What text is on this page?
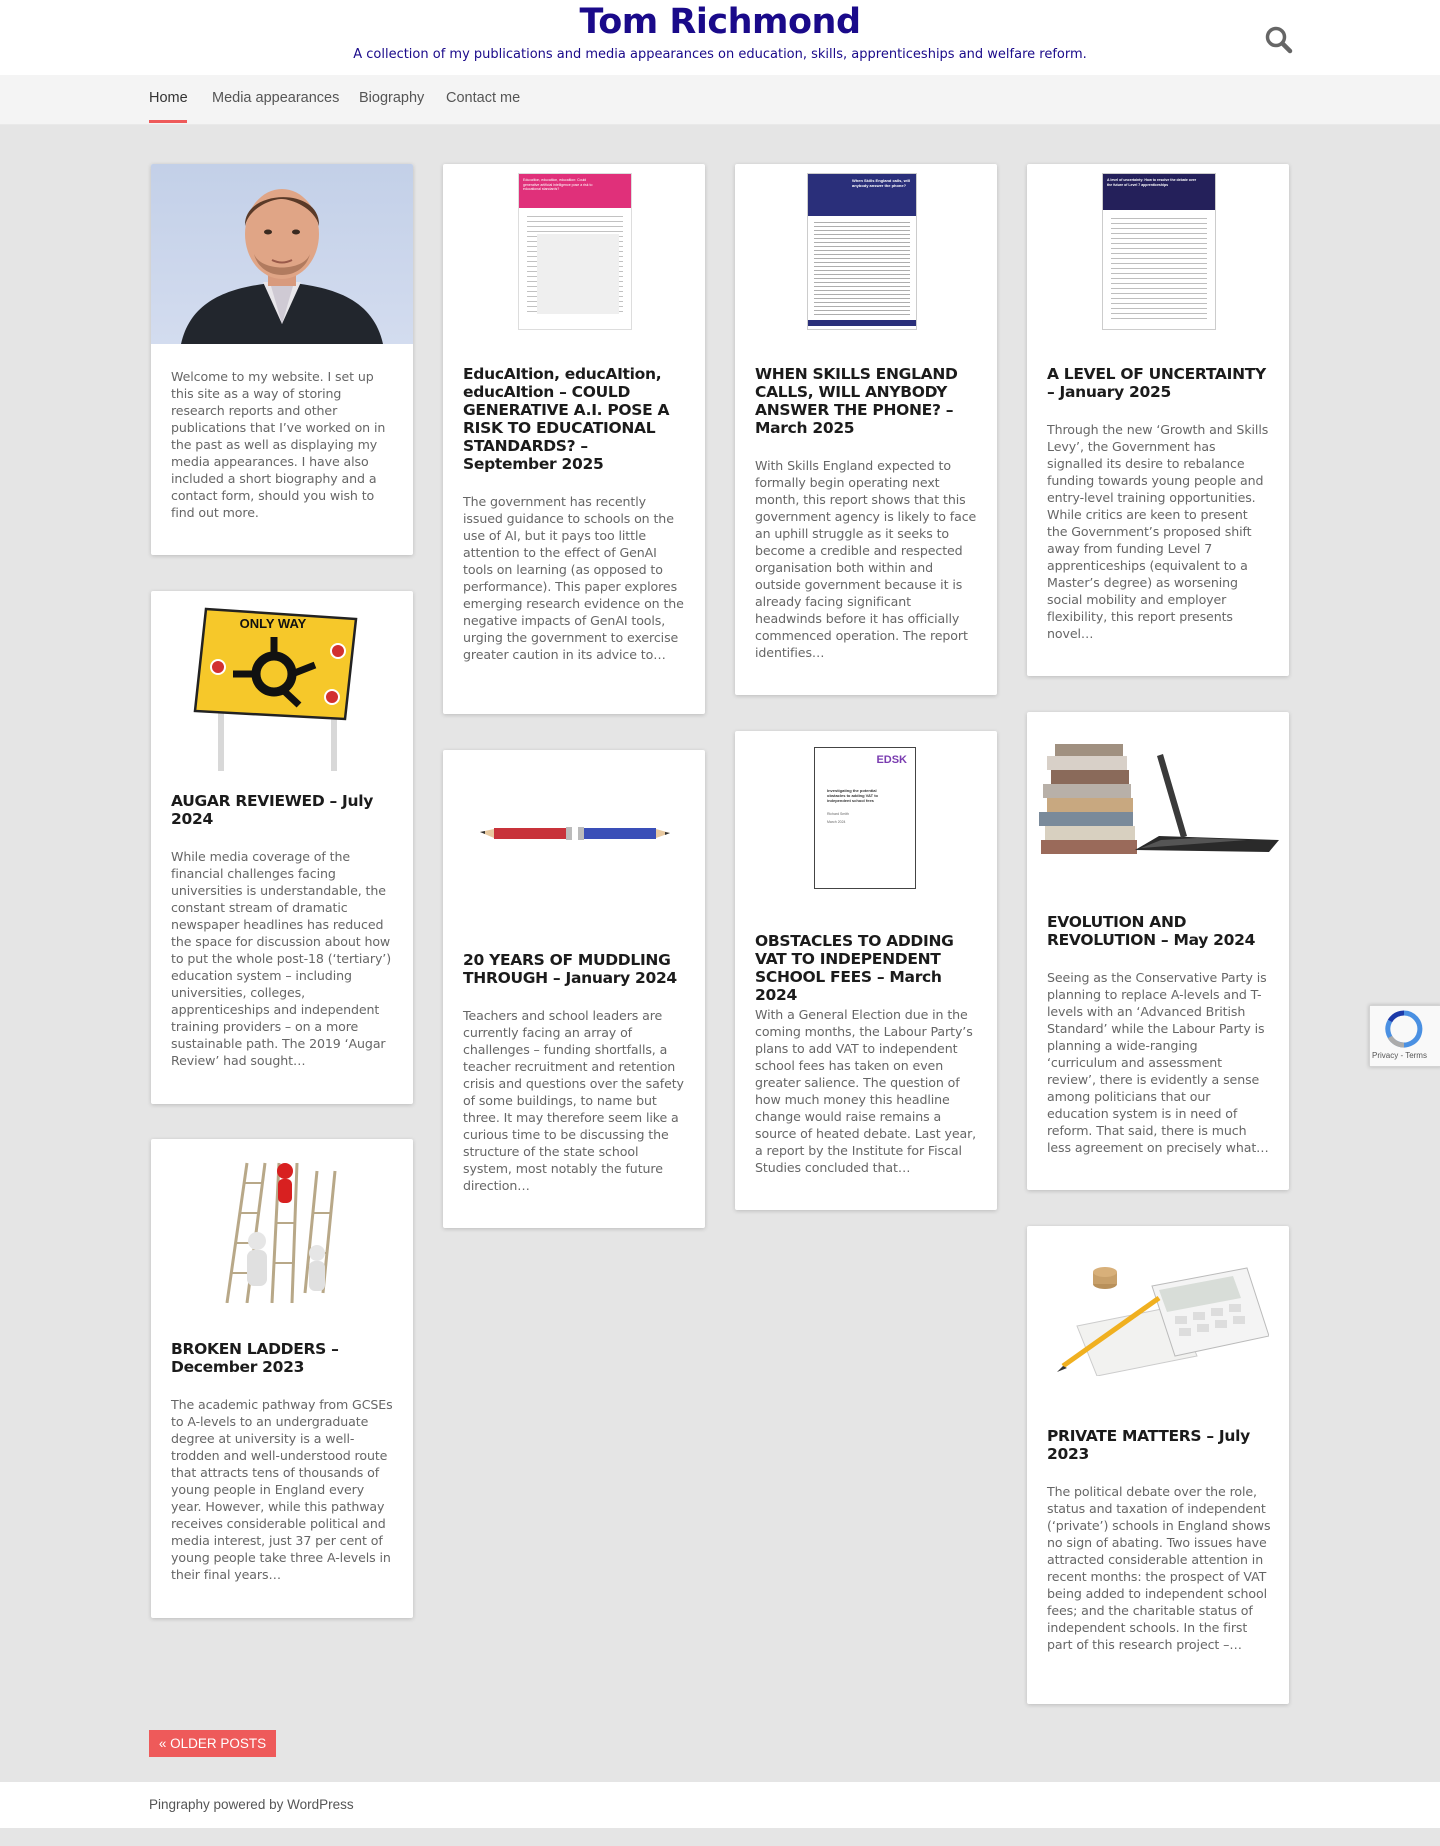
Tom Richmond
A collection of my publications and media appearances on education, skills, apprenticeships and welfare reform.
Home Media appearances Biography Contact me
Welcome to my website. I set up this site as a way of storing research reports and other publications that I’ve worked on in the past as well as displaying my media appearances. I have also included a short biography and a contact form, should you wish to find out more.
ONLY WAY
AUGAR REVIEWED – July 2024
While media coverage of the financial challenges facing universities is understandable, the constant stream of dramatic newspaper headlines has reduced the space for discussion about how to put the whole post-18 (‘tertiary’) education system – including universities, colleges, apprenticeships and independent training providers – on a more sustainable path. The 2019 ‘Augar Review’ had sought…
BROKEN LADDERS – December 2023
The academic pathway from GCSEs to A-levels to an undergraduate degree at university is a well-trodden and well-understood route that attracts tens of thousands of young people in England every year. However, while this pathway receives considerable political and media interest, just 37 per cent of young people take three A-levels in their final years…
Educaition, educaition, educaition: Could generative artificial intelligence pose a risk to educational standards?
EducAItion, educAItion, educAItion – COULD GENERATIVE A.I. POSE A RISK TO EDUCATIONAL STANDARDS? – September 2025
The government has recently issued guidance to schools on the use of AI, but it pays too little attention to the effect of GenAI tools on learning (as opposed to performance). This paper explores emerging research evidence on the negative impacts of GenAI tools, urging the government to exercise greater caution in its advice to…
20 YEARS OF MUDDLING THROUGH – January 2024
Teachers and school leaders are currently facing an array of challenges – funding shortfalls, a teacher recruitment and retention crisis and questions over the safety of some buildings, to name but three. It may therefore seem like a curious time to be discussing the structure of the state school system, most notably the future direction…
When Skills England calls, will anybody answer the phone?
WHEN SKILLS ENGLAND CALLS, WILL ANYBODY ANSWER THE PHONE? – March 2025
With Skills England expected to formally begin operating next month, this report shows that this government agency is likely to face an uphill struggle as it seeks to become a credible and respected organisation both within and outside government because it is already facing significant headwinds before it has officially commenced operation. The report identifies…
EDSK
Investigating the potential obstacles to adding VAT to independent school fees
Richard Smith
March 2024
OBSTACLES TO ADDING VAT TO INDEPENDENT SCHOOL FEES – March 2024
With a General Election due in the coming months, the Labour Party’s plans to add VAT to independent school fees has taken on even greater salience. The question of how much money this headline change would raise remains a source of heated debate. Last year, a report by the Institute for Fiscal Studies concluded that…
A level of uncertainty: How to resolve the debate over the future of Level 7 apprenticeships
A LEVEL OF UNCERTAINTY – January 2025
Through the new ‘Growth and Skills Levy’, the Government has signalled its desire to rebalance funding towards young people and entry-level training opportunities. While critics are keen to present the Government’s proposed shift away from funding Level 7 apprenticeships (equivalent to a Master’s degree) as worsening social mobility and employer flexibility, this report presents novel…
EVOLUTION AND REVOLUTION – May 2024
Seeing as the Conservative Party is planning to replace A-levels and T-levels with an ‘Advanced British Standard’ while the Labour Party is planning a wide-ranging ‘curriculum and assessment review’, there is evidently a sense among politicians that our education system is in need of reform. That said, there is much less agreement on precisely what…
PRIVATE MATTERS – July 2023
The political debate over the role, status and taxation of independent (‘private’) schools in England shows no sign of abating. Two issues have attracted considerable attention in recent months: the prospect of VAT being added to independent school fees; and the charitable status of independent schools. In the first part of this research project –…
« OLDER POSTS
Pingraphy powered by WordPress
Privacy - Terms
